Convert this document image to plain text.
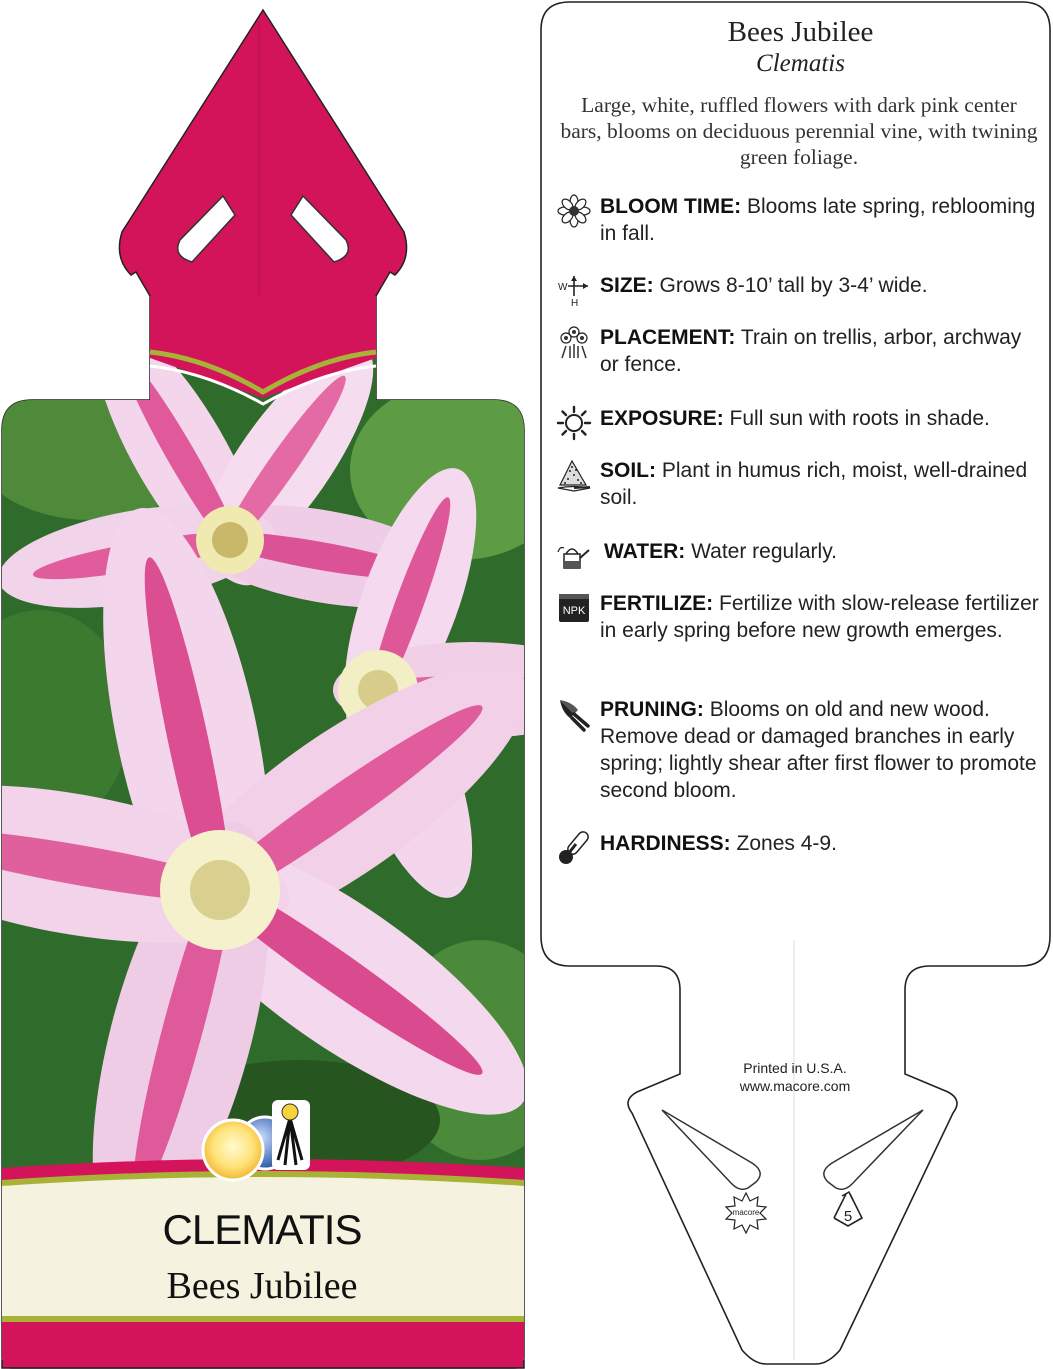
CLEMATIS
Bees Jubilee
macore	5
Bees Jubilee
Clematis
Large, white, ruffled flowers with dark pink center bars, blooms on deciduous perennial vine, with twining green foliage.
BLOOM TIME: Blooms late spring, reblooming in fall.
W
H
SIZE: Grows 8-10’ tall by 3-4’ wide.
PLACEMENT: Train on trellis, arbor, archway or fence.
EXPOSURE: Full sun with roots in shade.
SOIL: Plant in humus rich, moist, well-drained soil.
WATER: Water regularly.
NPK FERTILIZE: Fertilize with slow-release fertilizer in early spring before new growth emerges.
PRUNING: Blooms on old and new wood. Remove dead or damaged branches in early spring; lightly shear after first flower to promote second bloom.
HARDINESS: Zones 4-9.
Printed in U.S.A.
www.macore.com
